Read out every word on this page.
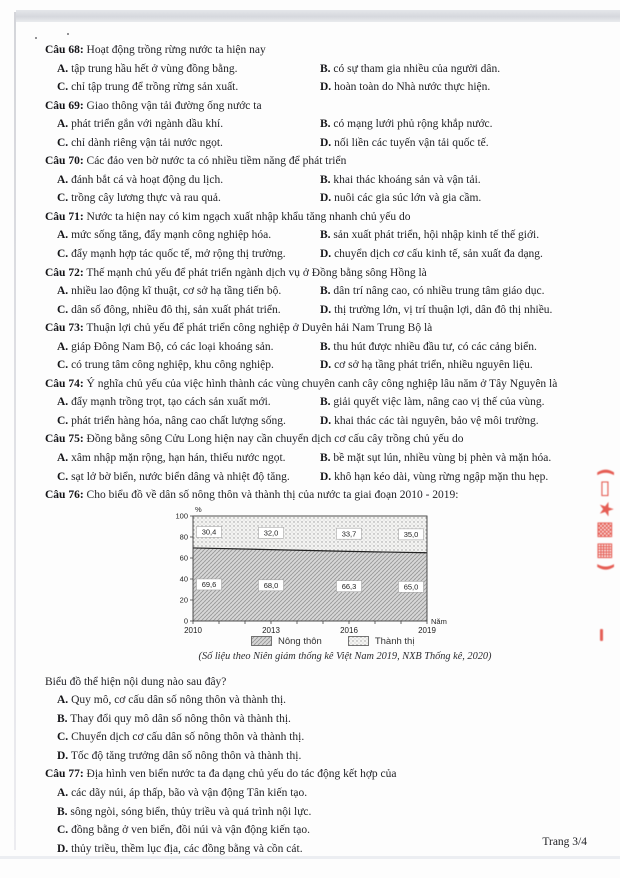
Câu 68: Hoạt động trồng rừng nước ta hiện nay
A. tập trung hầu hết ở vùng đồng bằng.	B. có sự tham gia nhiều của người dân.
C. chỉ tập trung để trồng rừng sản xuất.	D. hoàn toàn do Nhà nước thực hiện.
Câu 69: Giao thông vận tải đường ống nước ta
A. phát triển gắn với ngành dầu khí.	B. có mạng lưới phủ rộng khắp nước.
C. chỉ dành riêng vận tải nước ngọt.	D. nối liền các tuyến vận tải quốc tế.
Câu 70: Các đảo ven bờ nước ta có nhiều tiềm năng để phát triển
A. đánh bắt cá và hoạt động du lịch.	B. khai thác khoáng sản và vận tải.
C. trồng cây lương thực và rau quả.	D. nuôi các gia súc lớn và gia cầm.
Câu 71: Nước ta hiện nay có kim ngạch xuất nhập khẩu tăng nhanh chủ yếu do
A. mức sống tăng, đẩy mạnh công nghiệp hóa.	B. sản xuất phát triển, hội nhập kinh tế thế giới.
C. đẩy mạnh hợp tác quốc tế, mở rộng thị trường.	D. chuyển dịch cơ cấu kinh tế, sản xuất đa dạng.
Câu 72: Thế mạnh chủ yếu để phát triển ngành dịch vụ ở Đồng bằng sông Hồng là
A. nhiều lao động kĩ thuật, cơ sở hạ tầng tiến bộ.	B. dân trí nâng cao, có nhiều trung tâm giáo dục.
C. dân số đông, nhiều đô thị, sản xuất phát triển.	D. thị trường lớn, vị trí thuận lợi, dân đô thị nhiều.
Câu 73: Thuận lợi chủ yếu để phát triển công nghiệp ở Duyên hải Nam Trung Bộ là
A. giáp Đông Nam Bộ, có các loại khoáng sản.	B. thu hút được nhiều đầu tư, có các cảng biển.
C. có trung tâm công nghiệp, khu công nghiệp.	D. cơ sở hạ tầng phát triển, nhiều nguyên liệu.
Câu 74: Ý nghĩa chủ yếu của việc hình thành các vùng chuyên canh cây công nghiệp lâu năm ở Tây Nguyên là
A. đẩy mạnh trồng trọt, tạo cách sản xuất mới.	B. giải quyết việc làm, nâng cao vị thế của vùng.
C. phát triển hàng hóa, nâng cao chất lượng sống.	D. khai thác các tài nguyên, bảo vệ môi trường.
Câu 75: Đồng bằng sông Cửu Long hiện nay cần chuyển dịch cơ cấu cây trồng chủ yếu do
A. xâm nhập mặn rộng, hạn hán, thiếu nước ngọt.	B. bề mặt sụt lún, nhiều vùng bị phèn và mặn hóa.
C. sạt lở bờ biển, nước biển dâng và nhiệt độ tăng.	D. khô hạn kéo dài, vùng rừng ngập mặn thu hẹp.
Câu 76: Cho biểu đồ về dân số nông thôn và thành thị của nước ta giai đoạn 2010 - 2019:
0
20
40
60
80
100
2010	2013	2016	2019
%
Năm
69,6
30,4
68,0
32,0
66,3
33,7
65,0
35,0
Nông thôn	Thành thị
(Số liệu theo Niên giám thống kê Việt Nam 2019, NXB Thống kê, 2020)
Biểu đồ thể hiện nội dung nào sau đây?
A. Quy mô, cơ cấu dân số nông thôn và thành thị.
B. Thay đổi quy mô dân số nông thôn và thành thị.
C. Chuyển dịch cơ cấu dân số nông thôn và thành thị.
D. Tốc độ tăng trưởng dân số nông thôn và thành thị.
Câu 77: Địa hình ven biển nước ta đa dạng chủ yếu do tác động kết hợp của
A. các dãy núi, áp thấp, bão và vận động Tân kiến tạo.
B. sông ngòi, sóng biển, thủy triều và quá trình nội lực.
C. đồng bằng ở ven biển, đồi núi và vận động kiến tạo.
D. thủy triều, thềm lục địa, các đồng bằng và cồn cát.
(▭★▩▦)
Trang 3/4
